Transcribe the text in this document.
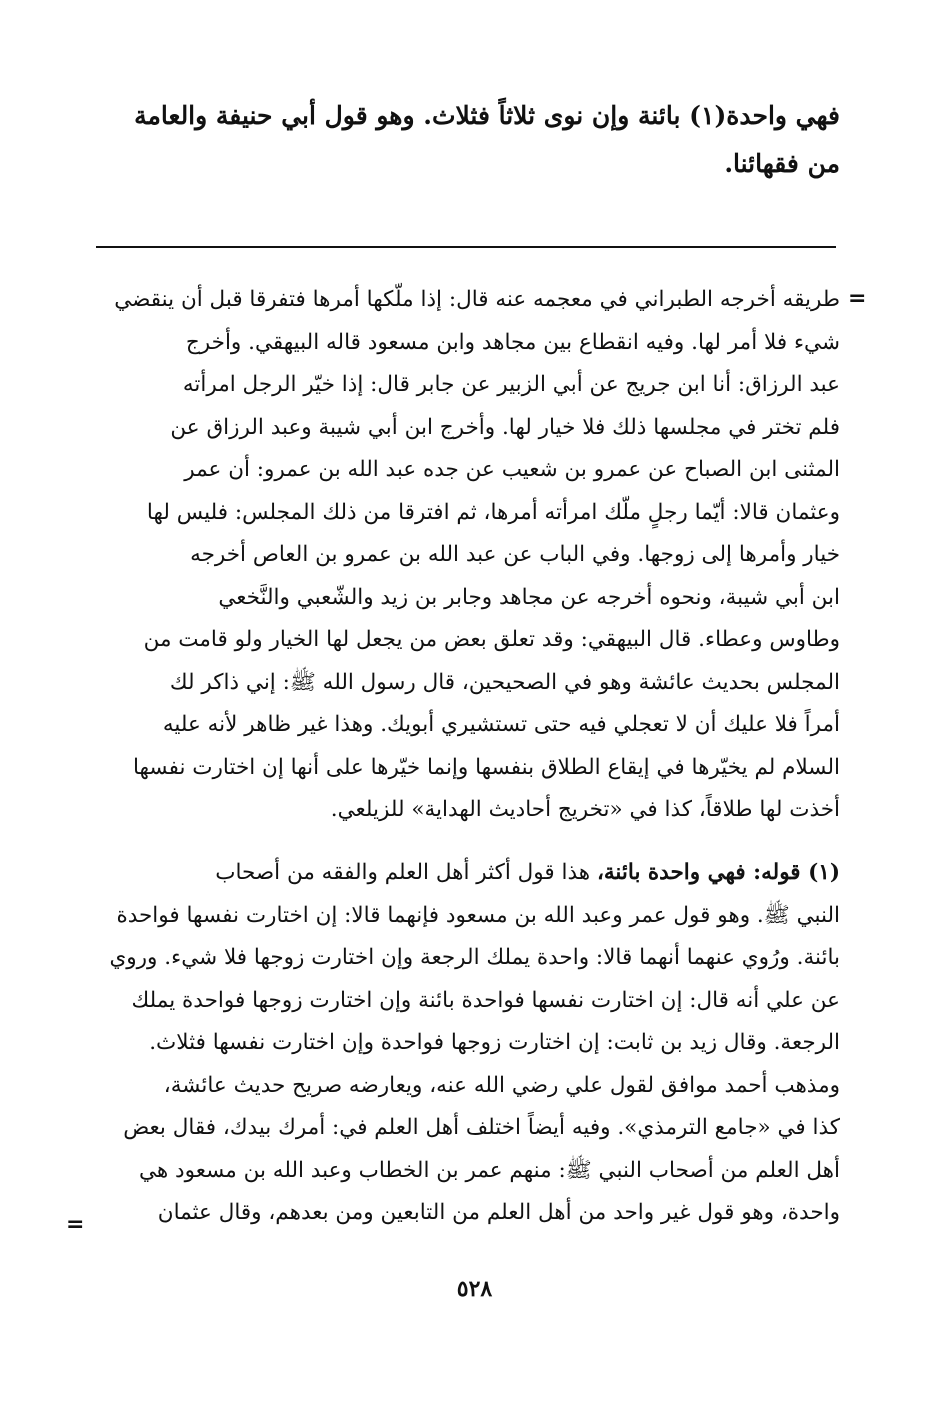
فهي واحدة(١) بائنة وإن نوى ثلاثاً فثلاث. وهو قول أبي حنيفة والعامة
من فقهائنا.
=
طريقه أخرجه الطبراني في معجمه عنه قال: إذا ملّكها أمرها فتفرقا قبل أن ينقضي
شيء فلا أمر لها. وفيه انقطاع بين مجاهد وابن مسعود قاله البيهقي. وأخرج
عبد الرزاق: أنا ابن جريج عن أبي الزبير عن جابر قال: إذا خيّر الرجل امرأته
فلم تختر في مجلسها ذلك فلا خيار لها. وأخرج ابن أبي شيبة وعبد الرزاق عن
المثنى ابن الصباح عن عمرو بن شعيب عن جده عبد الله بن عمرو: أن عمر
وعثمان قالا: أيّما رجلٍ ملّك امرأته أمرها، ثم افترقا من ذلك المجلس: فليس لها
خيار وأمرها إلى زوجها. وفي الباب عن عبد الله بن عمرو بن العاص أخرجه
ابن أبي شيبة، ونحوه أخرجه عن مجاهد وجابر بن زيد والشّعبي والنَّخعي
وطاوس وعطاء. قال البيهقي: وقد تعلق بعض من يجعل لها الخيار ولو قامت من
المجلس بحديث عائشة وهو في الصحيحين، قال رسول الله ﷺ: إني ذاكر لك
أمراً فلا عليك أن لا تعجلي فيه حتى تستشيري أبويك. وهذا غير ظاهر لأنه عليه
السلام لم يخيّرها في إيقاع الطلاق بنفسها وإنما خيّرها على أنها إن اختارت نفسها
أخذت لها طلاقاً، كذا في «تخريج أحاديث الهداية» للزيلعي.
(١) قوله: فهي واحدة بائنة، هذا قول أكثر أهل العلم والفقه من أصحاب
النبي ﷺ. وهو قول عمر وعبد الله بن مسعود فإنهما قالا: إن اختارت نفسها فواحدة
بائنة. ورُوي عنهما أنهما قالا: واحدة يملك الرجعة وإن اختارت زوجها فلا شيء. وروي
عن علي أنه قال: إن اختارت نفسها فواحدة بائنة وإن اختارت زوجها فواحدة يملك
الرجعة. وقال زيد بن ثابت: إن اختارت زوجها فواحدة وإن اختارت نفسها فثلاث.
ومذهب أحمد موافق لقول علي رضي الله عنه، ويعارضه صريح حديث عائشة،
كذا في «جامع الترمذي». وفيه أيضاً اختلف أهل العلم في: أمرك بيدك، فقال بعض
أهل العلم من أصحاب النبي ﷺ: منهم عمر بن الخطاب وعبد الله بن مسعود هي
واحدة، وهو قول غير واحد من أهل العلم من التابعين ومن بعدهم، وقال عثمان
=
٥٢٨
